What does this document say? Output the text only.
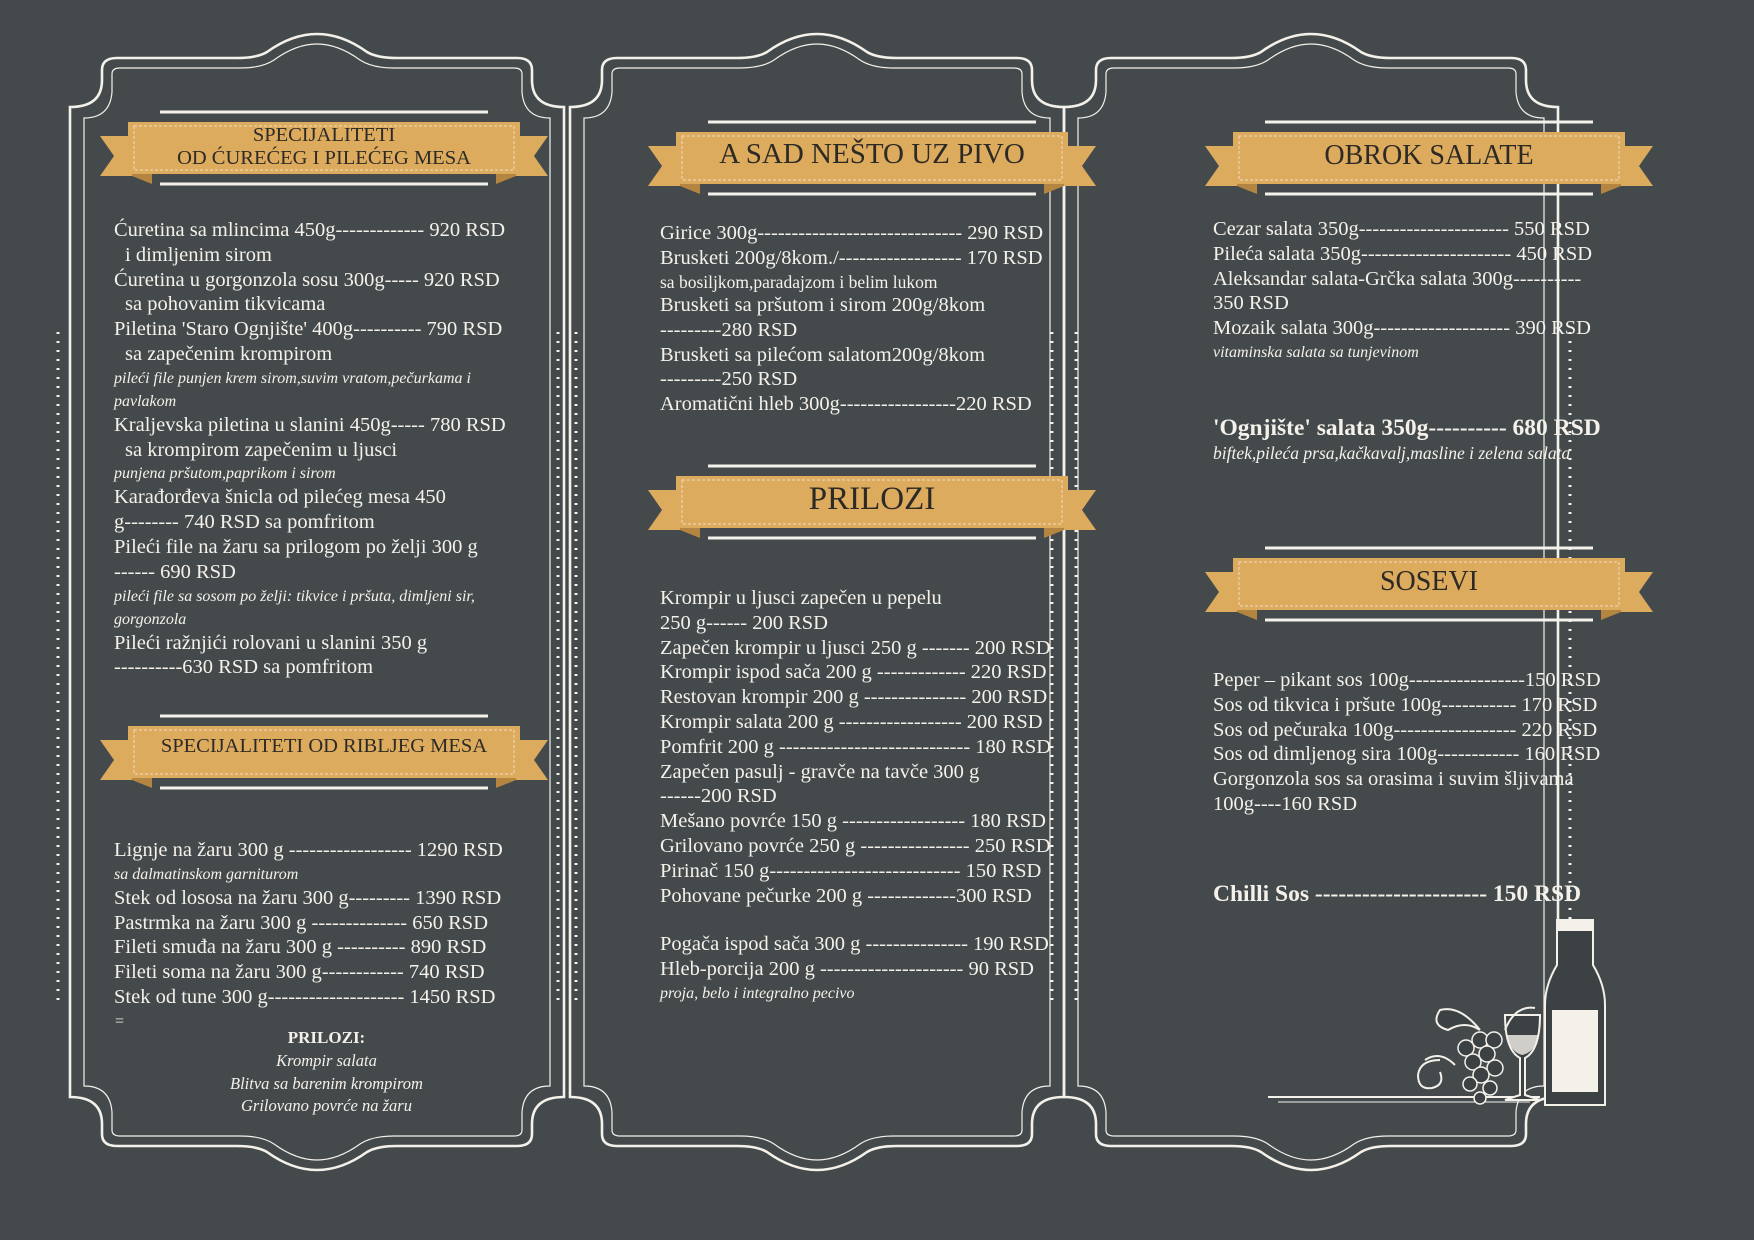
SPECIJALITETI
OD ĆUREĆEG I PILEĆEG MESA
Ćuretina sa mlincima 450g------------- 920 RSD
i dimljenim sirom
Ćuretina u gorgonzola sosu 300g----- 920 RSD
sa pohovanim tikvicama
Piletina 'Staro Ognjište' 400g---------- 790 RSD
sa zapečenim krompirom
pileći file punjen krem sirom,suvim vratom,pečurkama i
pavlakom
Kraljevska piletina u slanini 450g----- 780 RSD
sa krompirom zapečenim u ljusci
punjena pršutom,paprikom i sirom
Karađorđeva šnicla od pilećeg mesa 450
g-------- 740 RSD sa pomfritom
Pileći file na žaru sa prilogom po želji 300 g
------ 690 RSD
pileći file sa sosom po želji: tikvice i pršuta, dimljeni sir,
gorgonzola
Pileći ražnjići rolovani u slanini 350 g
----------630 RSD sa pomfritom
SPECIJALITETI OD RIBLJEG MESA
Lignje na žaru 300 g ------------------ 1290 RSD
sa dalmatinskom garniturom
Stek od lososa na žaru 300 g--------- 1390 RSD
Pastrmka na žaru 300 g -------------- 650 RSD
Fileti smuđa na žaru 300 g ---------- 890 RSD
Fileti soma na žaru 300 g------------ 740 RSD
Stek od tune 300 g-------------------- 1450 RSD
=
PRILOZI:
Krompir salata
Blitva sa barenim krompirom
Grilovano povrće na žaru
A SAD NEŠTO UZ PIVO
Girice 300g------------------------------ 290 RSD
Brusketi 200g/8kom./------------------ 170 RSD
sa bosiljkom,paradajzom i belim lukom
Brusketi sa pršutom i sirom 200g/8kom
---------280 RSD
Brusketi sa pilećom salatom200g/8kom
---------250 RSD
Aromatični hleb 300g-----------------220 RSD
PRILOZI
Krompir u ljusci zapečen u pepelu
250 g------ 200 RSD
Zapečen krompir u ljusci 250 g ------- 200 RSD
Krompir ispod sača 200 g ------------- 220 RSD
Restovan krompir 200 g --------------- 200 RSD
Krompir salata 200 g ------------------ 200 RSD
Pomfrit 200 g ---------------------------- 180 RSD
Zapečen pasulj - gravče na tavče 300 g
------200 RSD
Mešano povrće 150 g ------------------ 180 RSD
Grilovano povrće 250 g ---------------- 250 RSD
Pirinač 150 g---------------------------- 150 RSD
Pohovane pečurke 200 g -------------300 RSD
Pogača ispod sača 300 g --------------- 190 RSD
Hleb-porcija 200 g --------------------- 90 RSD
proja, belo i integralno pecivo
OBROK SALATE
Cezar salata 350g---------------------- 550 RSD
Pileća salata 350g---------------------- 450 RSD
Aleksandar salata-Grčka salata 300g----------
350 RSD
Mozaik salata 300g-------------------- 390 RSD
vitaminska salata sa tunjevinom
'Ognjište' salata 350g---------- 680 RSD
biftek,pileća prsa,kačkavalj,masline i zelena salata
SOSEVI
Peper – pikant sos 100g-----------------150 RSD
Sos od tikvica i pršute 100g----------- 170 RSD
Sos od pečuraka 100g------------------ 220 RSD
Sos od dimljenog sira 100g------------ 160 RSD
Gorgonzola sos sa orasima i suvim šljivama
100g----160 RSD
Chilli Sos ---------------------- 150 RSD
